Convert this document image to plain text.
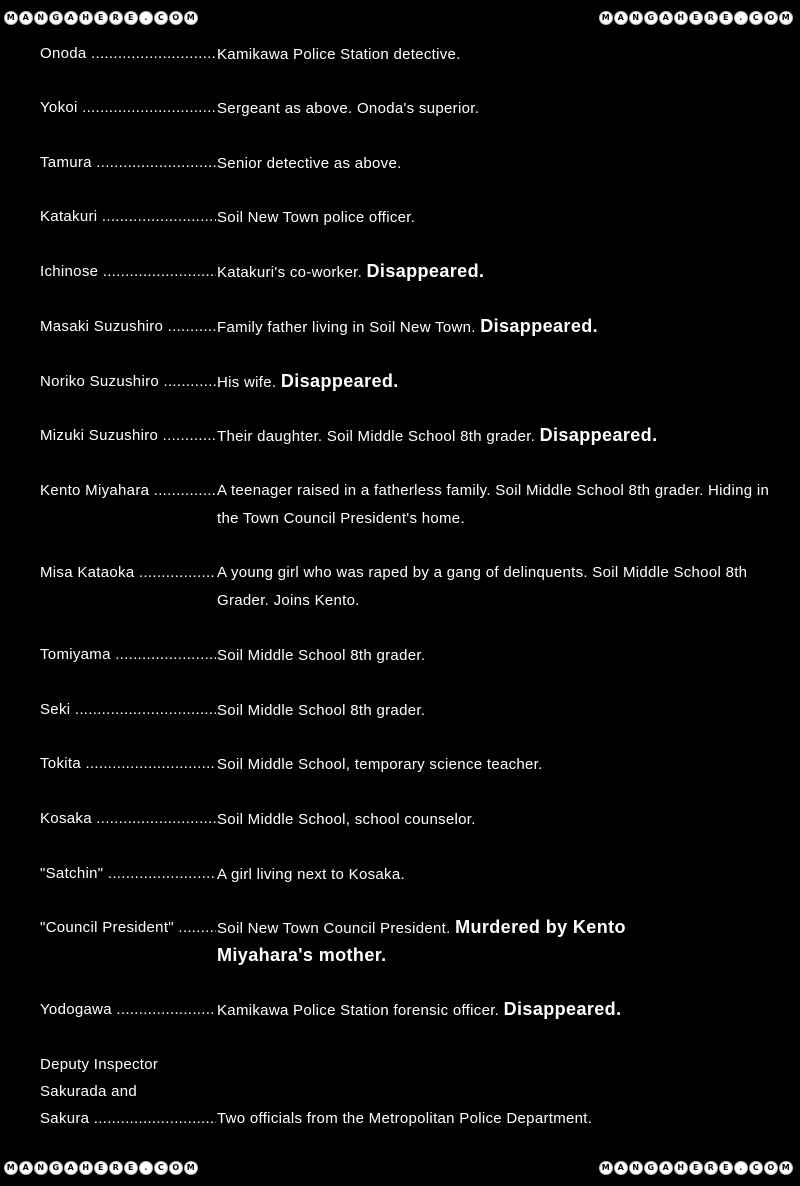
M A	N G	A	H	E	R	E	.	C	O M	M A	N G	A	H	E	R	E	.	C	O M
M A	N G	A	H	E	R	E	.	C	O M	M A	N G	A	H	E	R	E	.	C	O M
Onoda .....	Kamikawa Police Station detective.
Yokoi .....	Sergeant as above. Onoda's superior.
Tamura .....	Senior detective as above.
Katakuri .....	Soil New Town police officer.
Ichinose .....	Katakuri's co-worker. Disappeared.
Masaki Suzushiro .....	Family father living in Soil New Town. Disappeared.
Noriko Suzushiro .....	His wife. Disappeared.
Mizuki Suzushiro .....	Their daughter. Soil Middle School 8th grader. Disappeared.
Kento Miyahara .....	A teenager raised in a fatherless family. Soil Middle School 8th grader. Hiding in the Town Council President's home.
Misa Kataoka .....	A young girl who was raped by a gang of delinquents. Soil Middle School 8th Grader. Joins Kento.
Tomiyama .....	Soil Middle School 8th grader.
Seki .....	Soil Middle School 8th grader.
Tokita .....	Soil Middle School, temporary science teacher.
Kosaka .....	Soil Middle School, school counselor.
"Satchin" .....	A girl living next to Kosaka.
"Council President" .....	Soil New Town Council President. Murdered by Kento Miyahara's mother.
Yodogawa .....	Kamikawa Police Station forensic officer. Disappeared.
Deputy Inspector
Sakurada and
Sakura .....	Two officials from the Metropolitan Police Department.
